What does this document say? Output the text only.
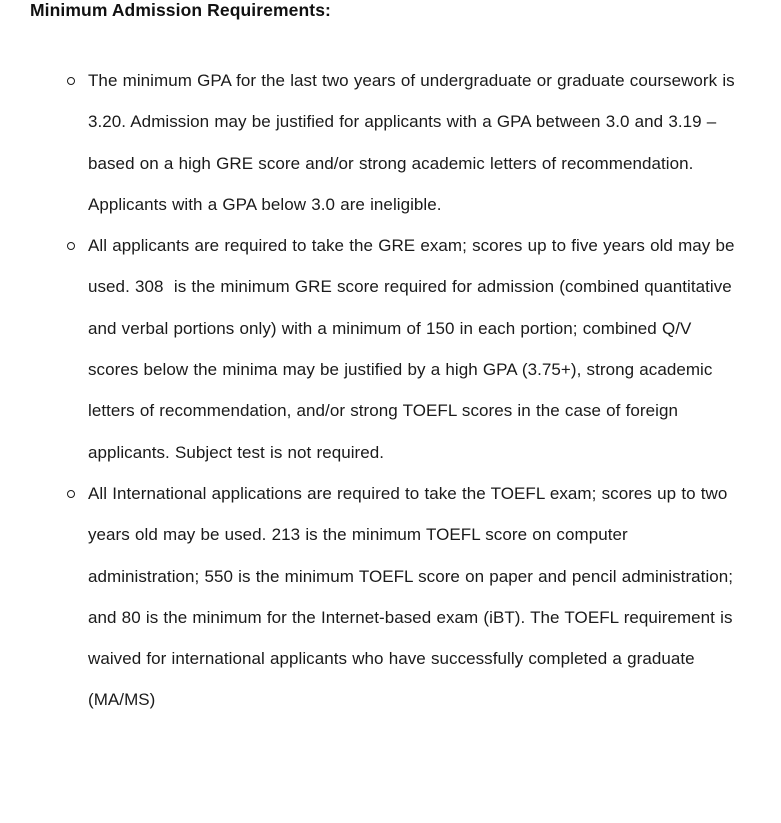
Minimum Admission Requirements:
The minimum GPA for the last two years of undergraduate or graduate coursework is 3.20. Admission may be justified for applicants with a GPA between 3.0 and 3.19 – based on a high GRE score and/or strong academic letters of recommendation. Applicants with a GPA below 3.0 are ineligible.
All applicants are required to take the GRE exam; scores up to five years old may be used. 308  is the minimum GRE score required for admission (combined quantitative and verbal portions only) with a minimum of 150 in each portion; combined Q/V scores below the minima may be justified by a high GPA (3.75+), strong academic letters of recommendation, and/or strong TOEFL scores in the case of foreign applicants. Subject test is not required.
All International applications are required to take the TOEFL exam; scores up to two years old may be used. 213 is the minimum TOEFL score on computer administration; 550 is the minimum TOEFL score on paper and pencil administration; and 80 is the minimum for the Internet-based exam (iBT). The TOEFL requirement is waived for international applicants who have successfully completed a graduate (MA/MS)
